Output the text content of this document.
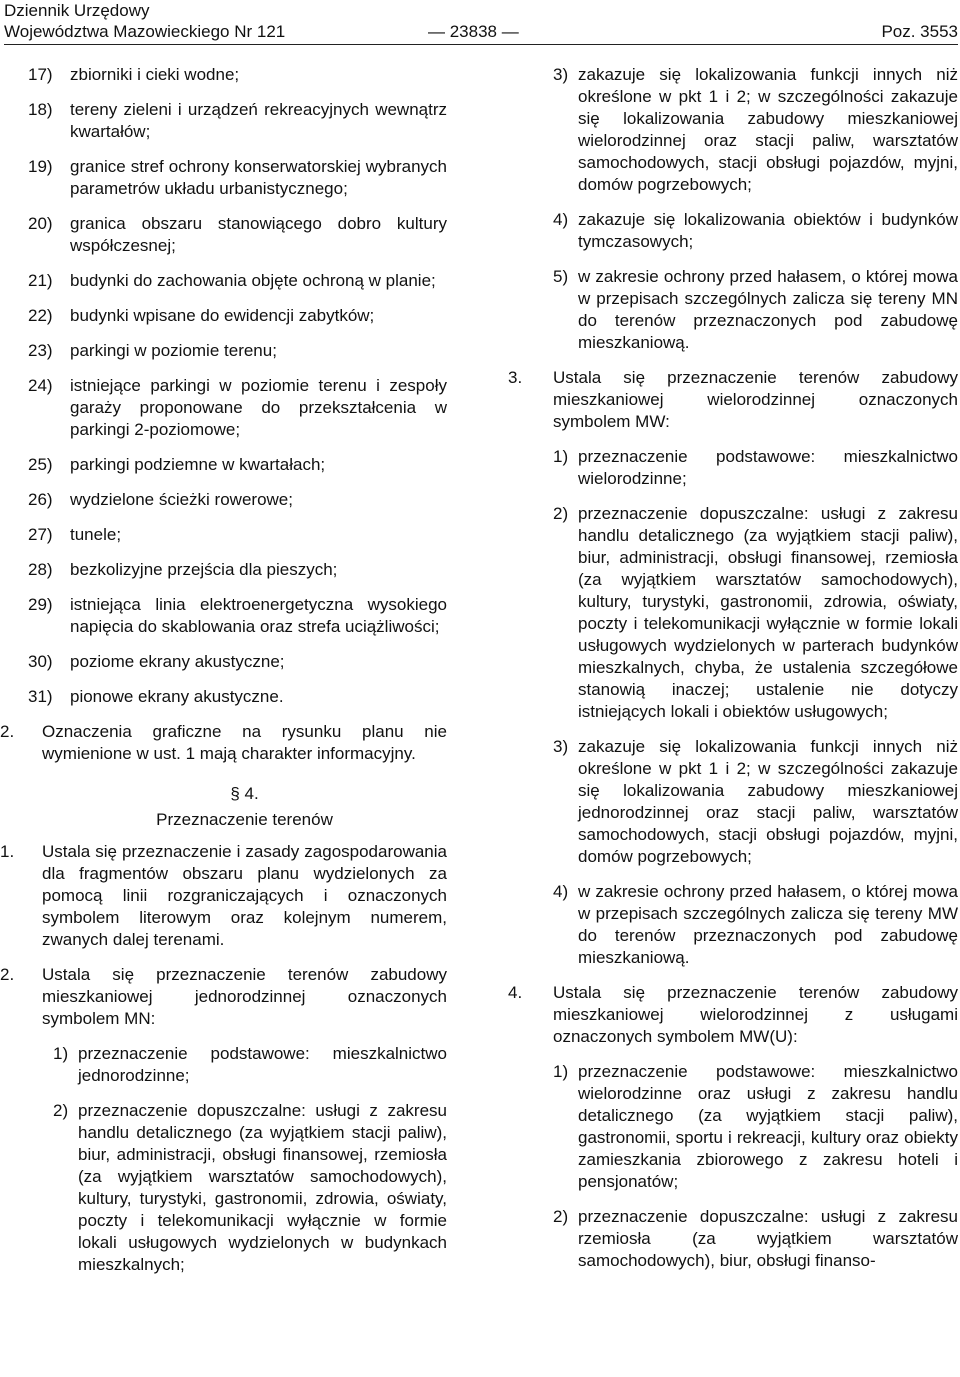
Dziennik Urzędowy
Województwa Mazowieckiego Nr 121	— 23838 —	Poz. 3553
17) zbiorniki i cieki wodne;
18) tereny zieleni i urządzeń rekreacyjnych wewnątrz kwartałów;
19) granice stref ochrony konserwatorskiej wybranych parametrów układu urbanistycznego;
20) granica obszaru stanowiącego dobro kultury współczesnej;
21) budynki do zachowania objęte ochroną w planie;
22) budynki wpisane do ewidencji zabytków;
23) parkingi w poziomie terenu;
24) istniejące parkingi w poziomie terenu i zespoły garaży proponowane do przekształcenia w parkingi 2-poziomowe;
25) parkingi podziemne w kwartałach;
26) wydzielone ścieżki rowerowe;
27) tunele;
28) bezkolizyjne przejścia dla pieszych;
29) istniejąca linia elektroenergetyczna wysokiego napięcia do skablowania oraz strefa uciążliwości;
30) poziome ekrany akustyczne;
31) pionowe ekrany akustyczne.
2. Oznaczenia graficzne na rysunku planu nie wymienione w ust. 1 mają charakter informacyjny.
§ 4.
Przeznaczenie terenów
1. Ustala się przeznaczenie i zasady zagospodarowania dla fragmentów obszaru planu wydzielonych za pomocą linii rozgraniczających i oznaczonych symbolem literowym oraz kolejnym numerem, zwanych dalej terenami.
2. Ustala się przeznaczenie terenów zabudowy mieszkaniowej jednorodzinnej oznaczonych symbolem MN:
1) przeznaczenie podstawowe: mieszkalnictwo jednorodzinne;
2) przeznaczenie dopuszczalne: usługi z zakresu handlu detalicznego (za wyjątkiem stacji paliw), biur, administracji, obsługi finansowej, rzemiosła (za wyjątkiem warsztatów samochodowych), kultury, turystyki, gastronomii, zdrowia, oświaty, poczty i telekomunikacji wyłącznie w formie lokali usługowych wydzielonych w budynkach mieszkalnych;
3) zakazuje się lokalizowania funkcji innych niż określone w pkt 1 i 2; w szczególności zakazuje się lokalizowania zabudowy mieszkaniowej wielorodzinnej oraz stacji paliw, warsztatów samochodowych, stacji obsługi pojazdów, myjni, domów pogrzebowych;
4) zakazuje się lokalizowania obiektów i budynków tymczasowych;
5) w zakresie ochrony przed hałasem, o której mowa w przepisach szczególnych zalicza się tereny MN do terenów przeznaczonych pod zabudowę mieszkaniową.
3. Ustala się przeznaczenie terenów zabudowy mieszkaniowej wielorodzinnej oznaczonych symbolem MW:
1) przeznaczenie podstawowe: mieszkalnictwo wielorodzinne;
2) przeznaczenie dopuszczalne: usługi z zakresu handlu detalicznego (za wyjątkiem stacji paliw), biur, administracji, obsługi finansowej, rzemiosła (za wyjątkiem warsztatów samochodowych), kultury, turystyki, gastronomii, zdrowia, oświaty, poczty i telekomunikacji wyłącznie w formie lokali usługowych wydzielonych w parterach budynków mieszkalnych, chyba, że ustalenia szczegółowe stanowią inaczej; ustalenie nie dotyczy istniejących lokali i obiektów usługowych;
3) zakazuje się lokalizowania funkcji innych niż określone w pkt 1 i 2; w szczególności zakazuje się lokalizowania zabudowy mieszkaniowej jednorodzinnej oraz stacji paliw, warsztatów samochodowych, stacji obsługi pojazdów, myjni, domów pogrzebowych;
4) w zakresie ochrony przed hałasem, o której mowa w przepisach szczególnych zalicza się tereny MW do terenów przeznaczonych pod zabudowę mieszkaniową.
4. Ustala się przeznaczenie terenów zabudowy mieszkaniowej wielorodzinnej z usługami oznaczonych symbolem MW(U):
1) przeznaczenie podstawowe: mieszkalnictwo wielorodzinne oraz usługi z zakresu handlu detalicznego (za wyjątkiem stacji paliw), gastronomii, sportu i rekreacji, kultury oraz obiekty zamieszkania zbiorowego z zakresu hoteli i pensjonatów;
2) przeznaczenie dopuszczalne: usługi z zakresu rzemiosła (za wyjątkiem warsztatów samochodowych), biur, obsługi finanso-
